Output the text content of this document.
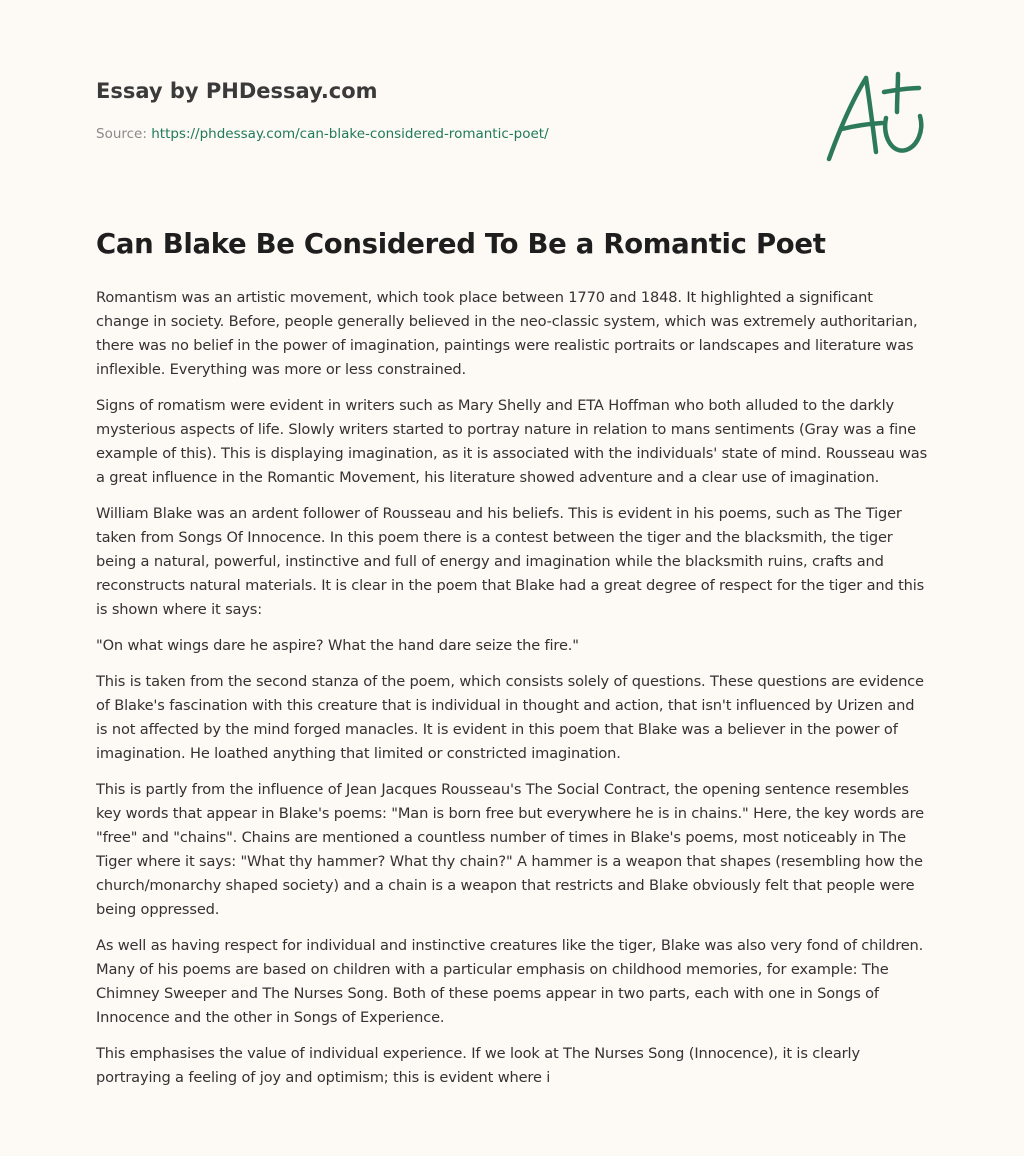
Essay by PHDessay.com
Source: https://phdessay.com/can-blake-considered-romantic-poet/
Can Blake Be Considered To Be a Romantic Poet

Romantism was an artistic movement, which took place between 1770 and 1848. It highlighted a significant change in society. Before, people generally believed in the neo-classic system, which was extremely authoritarian, there was no belief in the power of imagination, paintings were realistic portraits or landscapes and literature was inflexible. Everything was more or less constrained.

Signs of romatism were evident in writers such as Mary Shelly and ETA Hoffman who both alluded to the darkly mysterious aspects of life. Slowly writers started to portray nature in relation to mans sentiments (Gray was a fine example of this). This is displaying imagination, as it is associated with the individuals' state of mind. Rousseau was a great influence in the Romantic Movement, his literature showed adventure and a clear use of imagination.

William Blake was an ardent follower of Rousseau and his beliefs. This is evident in his poems, such as The Tiger taken from Songs Of Innocence. In this poem there is a contest between the tiger and the blacksmith, the tiger being a natural, powerful, instinctive and full of energy and imagination while the blacksmith ruins, crafts and reconstructs natural materials. It is clear in the poem that Blake had a great degree of respect for the tiger and this is shown where it says:

"On what wings dare he aspire? What the hand dare seize the fire."

This is taken from the second stanza of the poem, which consists solely of questions. These questions are evidence of Blake's fascination with this creature that is individual in thought and action, that isn't influenced by Urizen and is not affected by the mind forged manacles. It is evident in this poem that Blake was a believer in the power of imagination. He loathed anything that limited or constricted imagination.

This is partly from the influence of Jean Jacques Rousseau's The Social Contract, the opening sentence resembles key words that appear in Blake's poems: "Man is born free but everywhere he is in chains." Here, the key words are "free" and "chains". Chains are mentioned a countless number of times in Blake's poems, most noticeably in The Tiger where it says: "What thy hammer? What thy chain?" A hammer is a weapon that shapes (resembling how the church/monarchy shaped society) and a chain is a weapon that restricts and Blake obviously felt that people were being oppressed.

As well as having respect for individual and instinctive creatures like the tiger, Blake was also very fond of children. Many of his poems are based on children with a particular emphasis on childhood memories, for example: The Chimney Sweeper and The Nurses Song. Both of these poems appear in two parts, each with one in Songs of Innocence and the other in Songs of Experience.

This emphasises the value of individual experience. If we look at The Nurses Song (Innocence), it is clearly portraying a feeling of joy and optimism; this is evident where i
